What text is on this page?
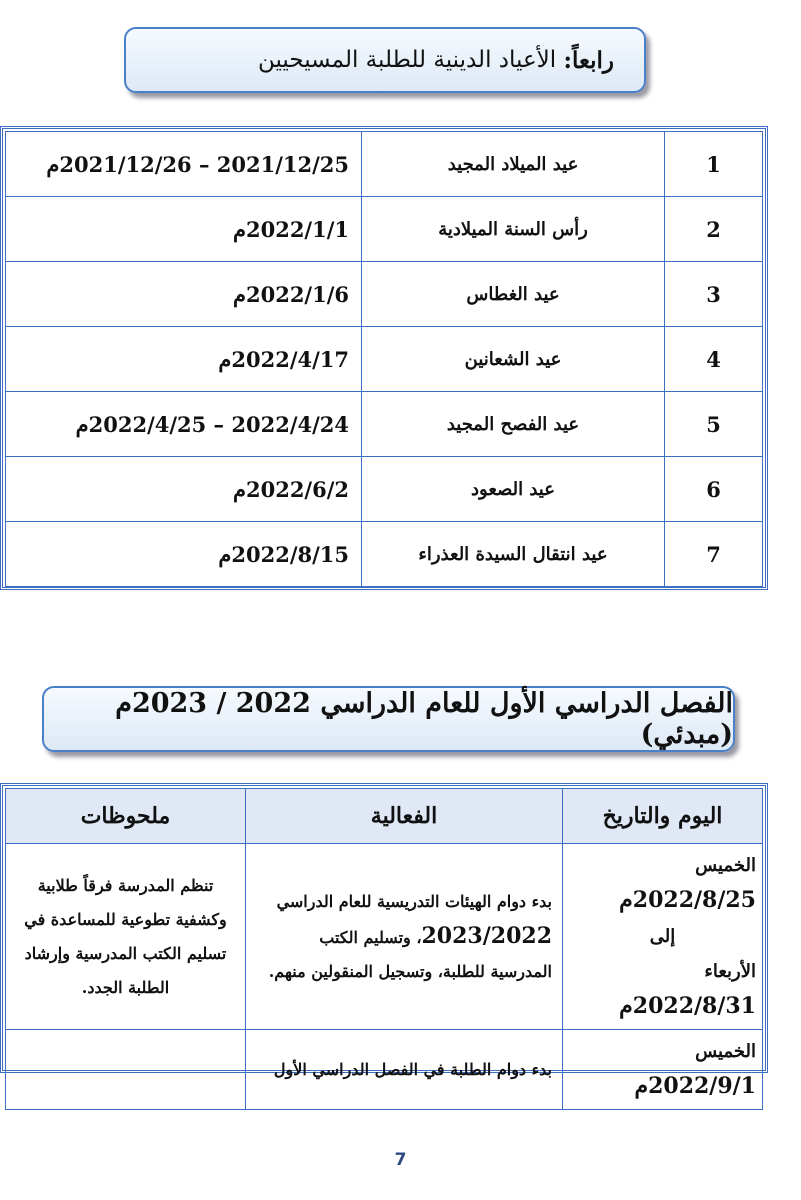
رابعاً:

الأعياد الدينية للطلبة المسيحيين
1	عيد الميلاد المجيد	2021/12/25 – 2021/12/26م
2	رأس السنة الميلادية	2022/1/1م
3	عيد الغطاس	2022/1/6م
4	عيد الشعانين	2022/4/17م
5	عيد الفصح المجيد	2022/4/24 – 2022/4/25م
6	عيد الصعود	2022/6/2م
7	عيد انتقال السيدة العذراء	2022/8/15م
الفصل الدراسي الأول للعام الدراسي 2022 / 2023م (مبدئي)
اليوم والتاريخ	الفعالية	ملحوظات

الخميس 2022/8/25م
إلى
الأربعاء 2022/8/31م	بدء دوام الهيئات التدريسية للعام الدراسي 2023/2022، وتسليم الكتب المدرسية للطلبة، وتسجيل المنقولين منهم.	تنظم المدرسة فرقاً طلابية وكشفية تطوعية للمساعدة في تسليم الكتب المدرسية وإرشاد الطلبة الجدد.
الخميس 2022/9/1م	بدء دوام الطلبة في الفصل الدراسي الأول	
7
